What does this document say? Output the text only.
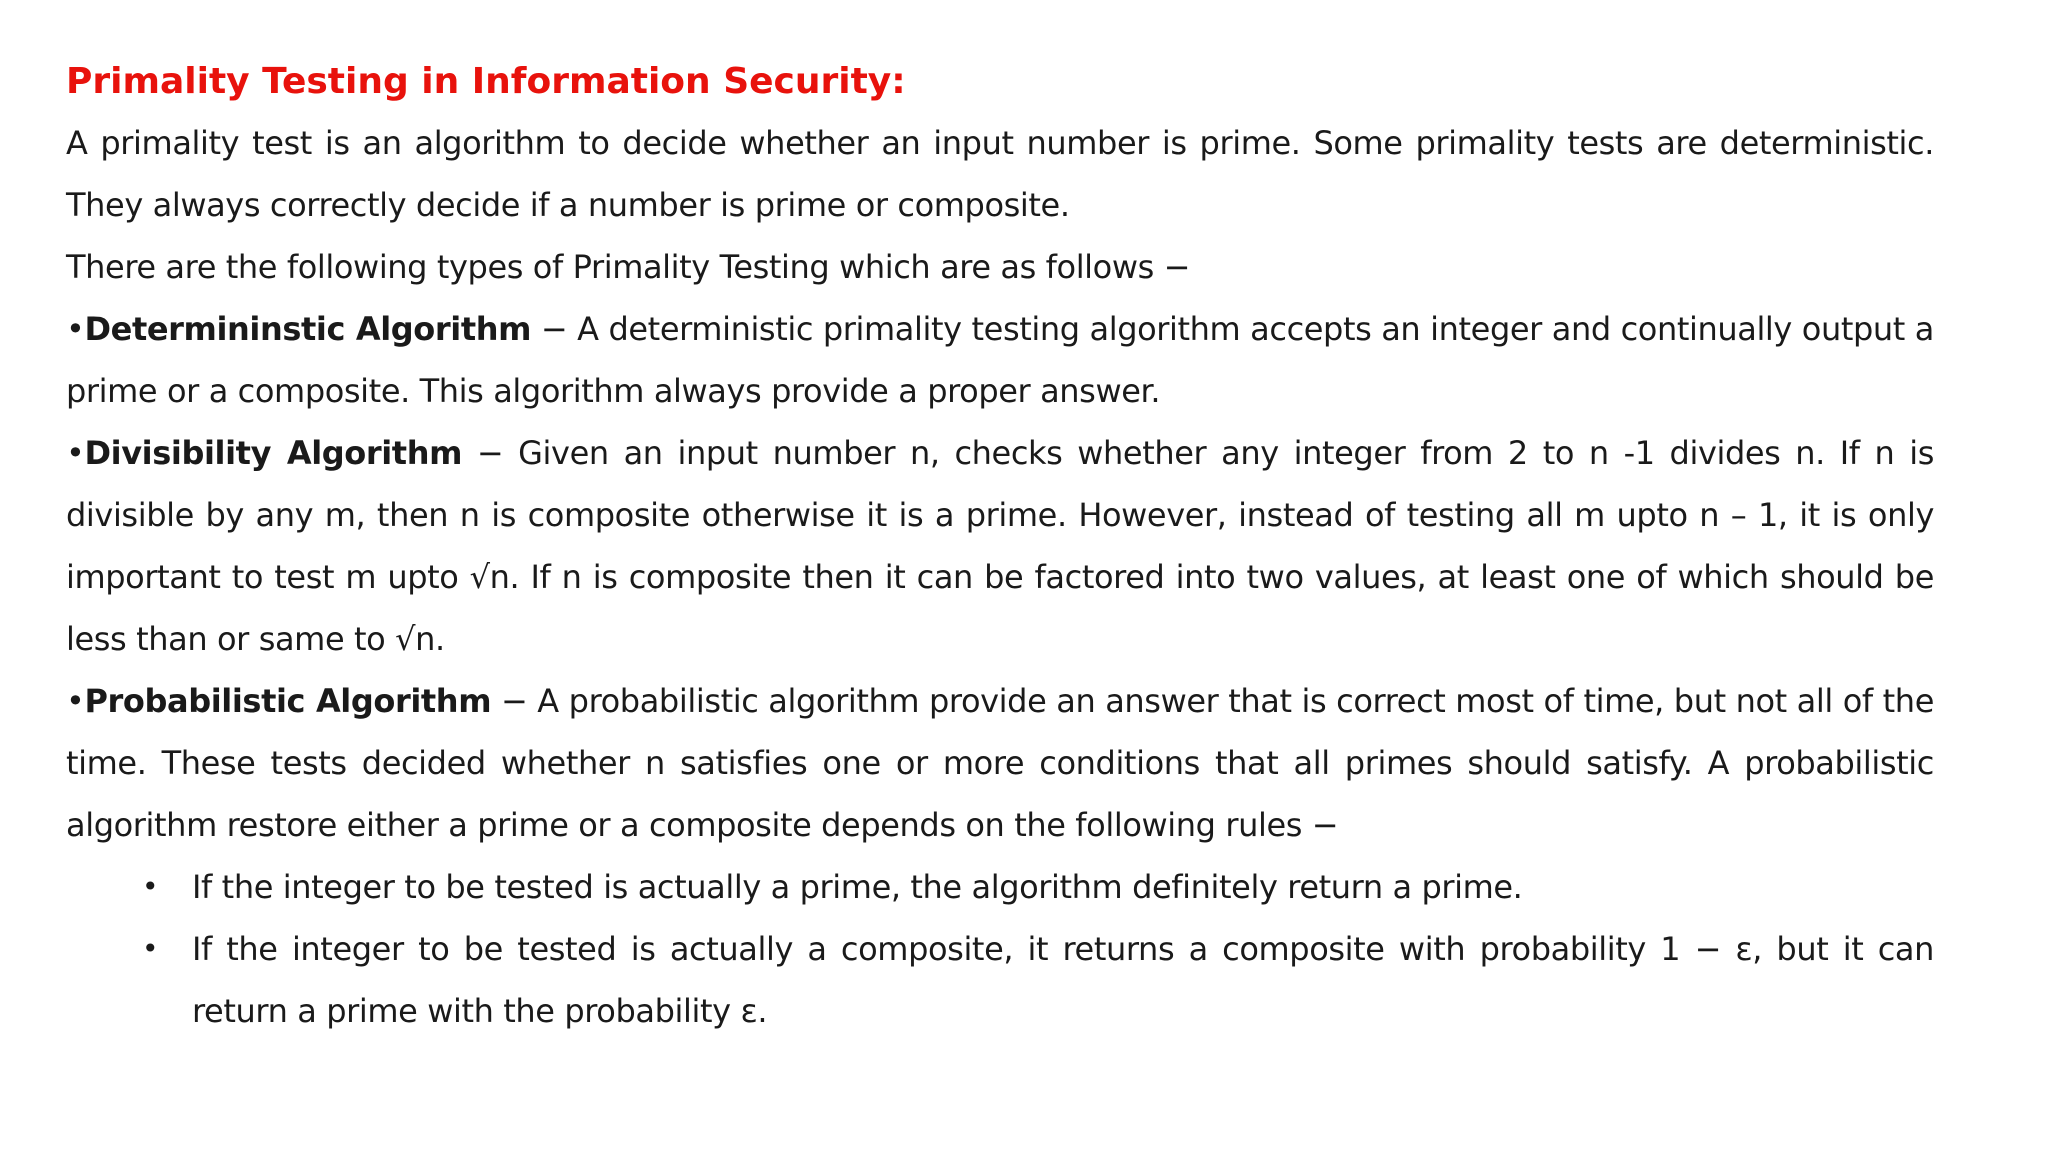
Primality Testing in Information Security:

A primality test is an algorithm to decide whether an input number is prime. Some primality tests are deterministic. They always correctly decide if a number is prime or composite.

There are the following types of Primality Testing which are as follows −

•Determininstic Algorithm − A deterministic primality testing algorithm accepts an integer and continually output a prime or a composite. This algorithm always provide a proper answer.

•Divisibility Algorithm − Given an input number n, checks whether any integer from 2 to n -1 divides n. If n is divisible by any m, then n is composite otherwise it is a prime. However, instead of testing all m upto n – 1, it is only important to test m upto √n. If n is composite then it can be factored into two values, at least one of which should be less than or same to √n.

•Probabilistic Algorithm − A probabilistic algorithm provide an answer that is correct most of time, but not all of the time. These tests decided whether n satisfies one or more conditions that all primes should satisfy. A probabilistic algorithm restore either a prime or a composite depends on the following rules −

• If the integer to be tested is actually a prime, the algorithm definitely return a prime.
• If the integer to be tested is actually a composite, it returns a composite with probability 1 − ε, but it can return a prime with the probability ε.
